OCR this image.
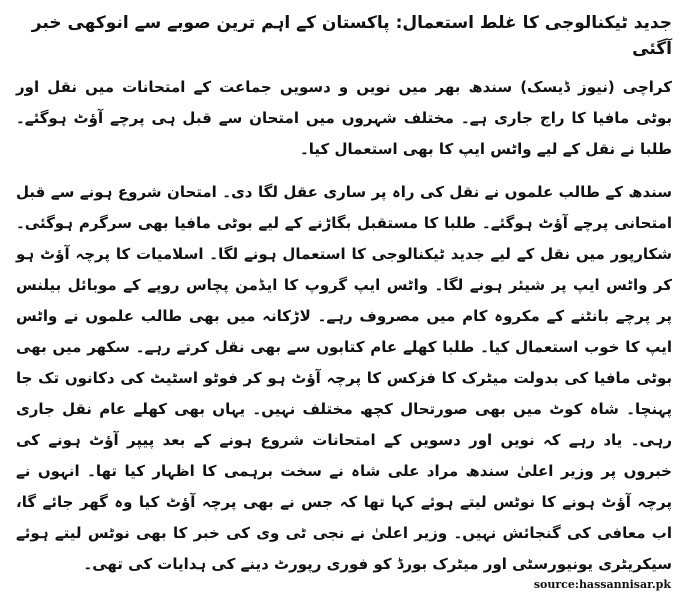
جدید ٹیکنالوجی کا غلط استعمال: پاکستان کے اہم ترین صوبے سے انوکھی خبر آگئی

کراچی (نیوز ڈیسک) سندھ بھر میں نویں و دسویں جماعت کے امتحانات میں نقل اور بوٹی مافیا کا راج جاری ہے۔ مختلف شہروں میں امتحان سے قبل ہی پرچے آؤٹ ہوگئے۔ طلبا نے نقل کے لیے واٹس ایپ کا بھی استعمال کیا۔

سندھ کے طالب علموں نے نقل کی راہ پر ساری عقل لگا دی۔ امتحان شروع ہونے سے قبل امتحانی پرچے آؤٹ ہوگئے۔ طلبا کا مستقبل بگاڑنے کے لیے بوٹی مافیا بھی سرگرم ہوگئی۔ شکارپور میں نقل کے لیے جدید ٹیکنالوجی کا استعمال ہونے لگا۔ اسلامیات کا پرچہ آؤٹ ہو کر واٹس ایپ پر شیئر ہونے لگا۔ واٹس ایپ گروپ کا ایڈمن پچاس روپے کے موبائل بیلنس پر پرچے بانٹنے کے مکروہ کام میں مصروف رہے۔ لاڑکانہ میں بھی طالب علموں نے واٹس ایپ کا خوب استعمال کیا۔ طلبا کھلے عام کتابوں سے بھی نقل کرتے رہے۔ سکھر میں بھی بوٹی مافیا کی بدولت میٹرک کا فزکس کا پرچہ آؤٹ ہو کر فوٹو اسٹیٹ کی دکانوں تک جا پہنچا۔ شاہ کوٹ میں بھی صورتحال کچھ مختلف نہیں۔ یہاں بھی کھلے عام نقل جاری رہی۔ یاد رہے کہ نویں اور دسویں کے امتحانات شروع ہونے کے بعد پیپر آؤٹ ہونے کی خبروں پر وزیر اعلیٰ سندھ مراد علی شاہ نے سخت برہمی کا اظہار کیا تھا۔ انہوں نے پرچہ آؤٹ ہونے کا نوٹس لیتے ہوئے کہا تھا کہ جس نے بھی پرچہ آؤٹ کیا وہ گھر جائے گا، اب معافی کی گنجائش نہیں۔ وزیر اعلیٰ نے نجی ٹی وی کی خبر کا بھی نوٹس لیتے ہوئے سیکریٹری یونیورسٹی اور میٹرک بورڈ کو فوری رپورٹ دینے کی ہدایات کی تھی۔

source:hassannisar.pk
